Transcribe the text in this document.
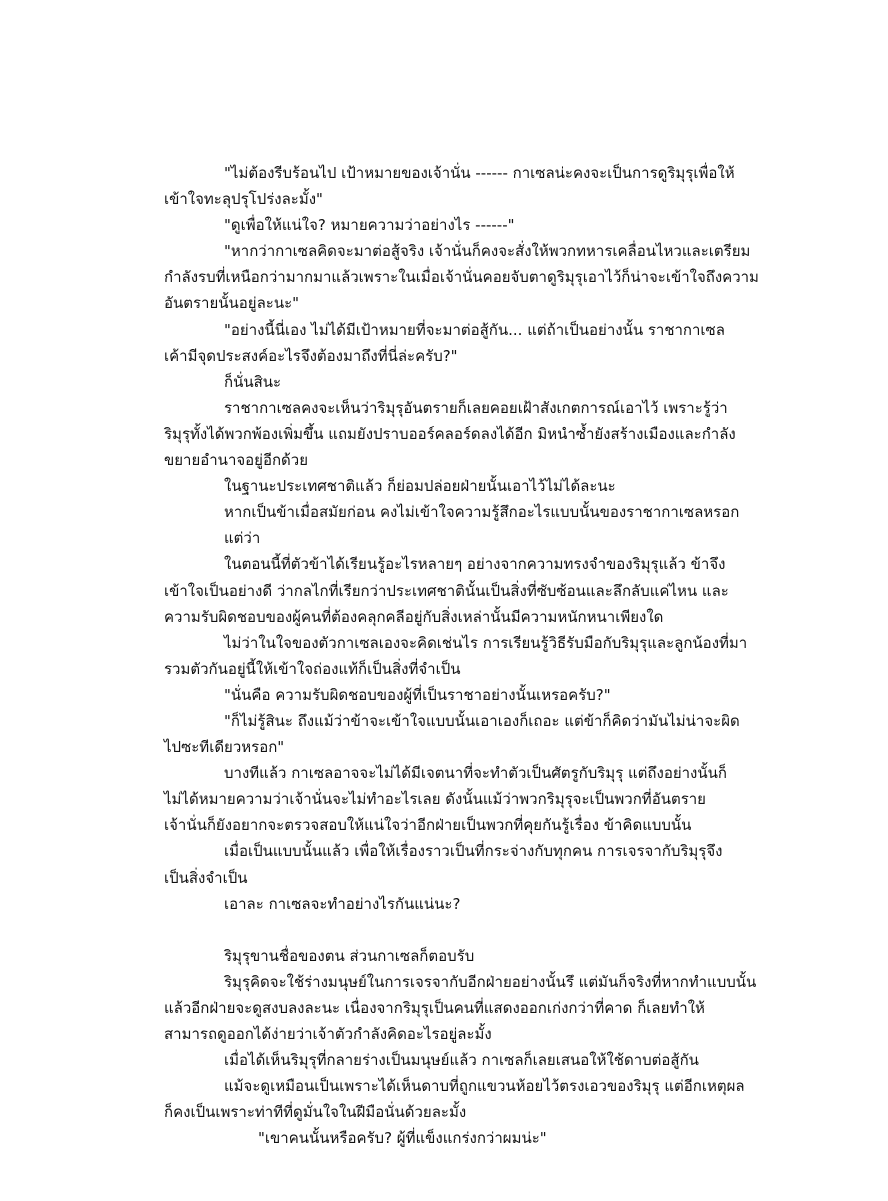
"ไม่ต้องรีบร้อนไป เป้าหมายของเจ้านั่น ------ กาเซลน่ะคงจะเป็นการดูริมุรุเพื่อให้
เข้าใจทะลุปรุโปร่งละมั้ง"
"ดูเพื่อให้แน่ใจ? หมายความว่าอย่างไร ------"
"หากว่ากาเซลคิดจะมาต่อสู้จริง เจ้านั่นก็คงจะสั่งให้พวกทหารเคลื่อนไหวและเตรียม
กำลังรบที่เหนือกว่ามากมาแล้วเพราะในเมื่อเจ้านั่นคอยจับตาดูริมุรุเอาไว้ก็น่าจะเข้าใจถึงความ
อันตรายนั้นอยู่ละนะ"
"อย่างนี้นี่เอง ไม่ได้มีเป้าหมายที่จะมาต่อสู้กัน... แต่ถ้าเป็นอย่างนั้น ราชากาเซล
เค้ามีจุดประสงค์อะไรจึงต้องมาถึงที่นี่ล่ะครับ?"
ก็นั่นสินะ
ราชากาเซลคงจะเห็นว่าริมุรุอันตรายก็เลยคอยเฝ้าสังเกตการณ์เอาไว้ เพราะรู้ว่า
ริมุรุทั้งได้พวกพ้องเพิ่มขึ้น แถมยังปราบออร์คลอร์ดลงได้อีก มิหนำซ้ำยังสร้างเมืองและกำลัง
ขยายอำนาจอยู่อีกด้วย
ในฐานะประเทศชาติแล้ว ก็ย่อมปล่อยฝ่ายนั้นเอาไว้ไม่ได้ละนะ
หากเป็นข้าเมื่อสมัยก่อน คงไม่เข้าใจความรู้สึกอะไรแบบนั้นของราชากาเซลหรอก
แต่ว่า
ในตอนนี้ที่ตัวข้าได้เรียนรู้อะไรหลายๆ อย่างจากความทรงจำของริมุรุแล้ว ข้าจึง
เข้าใจเป็นอย่างดี ว่ากลไกที่เรียกว่าประเทศชาตินั้นเป็นสิ่งที่ซับซ้อนและลึกลับแค่ไหน และ
ความรับผิดชอบของผู้คนที่ต้องคลุกคลีอยู่กับสิ่งเหล่านั้นมีความหนักหนาเพียงใด
ไม่ว่าในใจของตัวกาเซลเองจะคิดเช่นไร การเรียนรู้วิธีรับมือกับริมุรุและลูกน้องที่มา
รวมตัวกันอยู่นี้ให้เข้าใจถ่องแท้ก็เป็นสิ่งที่จำเป็น
"นั่นคือ ความรับผิดชอบของผู้ที่เป็นราชาอย่างนั้นเหรอครับ?"
"ก็ไม่รู้สินะ ถึงแม้ว่าข้าจะเข้าใจแบบนั้นเอาเองก็เถอะ แต่ข้าก็คิดว่ามันไม่น่าจะผิด
ไปซะทีเดียวหรอก"
บางทีแล้ว กาเซลอาจจะไม่ได้มีเจตนาที่จะทำตัวเป็นศัตรูกับริมุรุ แต่ถึงอย่างนั้นก็
ไม่ได้หมายความว่าเจ้านั่นจะไม่ทำอะไรเลย ดังนั้นแม้ว่าพวกริมุรุจะเป็นพวกที่อันตราย
เจ้านั่นก็ยังอยากจะตรวจสอบให้แน่ใจว่าอีกฝ่ายเป็นพวกที่คุยกันรู้เรื่อง ข้าคิดแบบนั้น
เมื่อเป็นแบบนั้นแล้ว เพื่อให้เรื่องราวเป็นที่กระจ่างกับทุกคน การเจรจากับริมุรุจึง
เป็นสิ่งจำเป็น
เอาละ กาเซลจะทำอย่างไรกันแน่นะ?
ริมุรุขานชื่อของตน ส่วนกาเซลก็ตอบรับ
ริมุรุคิดจะใช้ร่างมนุษย์ในการเจรจากับอีกฝ่ายอย่างนั้นรึ แต่มันก็จริงที่หากทำแบบนั้น
แล้วอีกฝ่ายจะดูสงบลงละนะ เนื่องจากริมุรุเป็นคนที่แสดงออกเก่งกว่าที่คาด ก็เลยทำให้
สามารถดูออกได้ง่ายว่าเจ้าตัวกำลังคิดอะไรอยู่ละมั้ง
เมื่อได้เห็นริมุรุที่กลายร่างเป็นมนุษย์แล้ว กาเซลก็เลยเสนอให้ใช้ดาบต่อสู้กัน
แม้จะดูเหมือนเป็นเพราะได้เห็นดาบที่ถูกแขวนห้อยไว้ตรงเอวของริมุรุ แต่อีกเหตุผล
ก็คงเป็นเพราะท่าทีที่ดูมั่นใจในฝีมือนั่นด้วยละมั้ง
"เขาคนนั้นหรือครับ? ผู้ที่แข็งแกร่งกว่าผมน่ะ"
